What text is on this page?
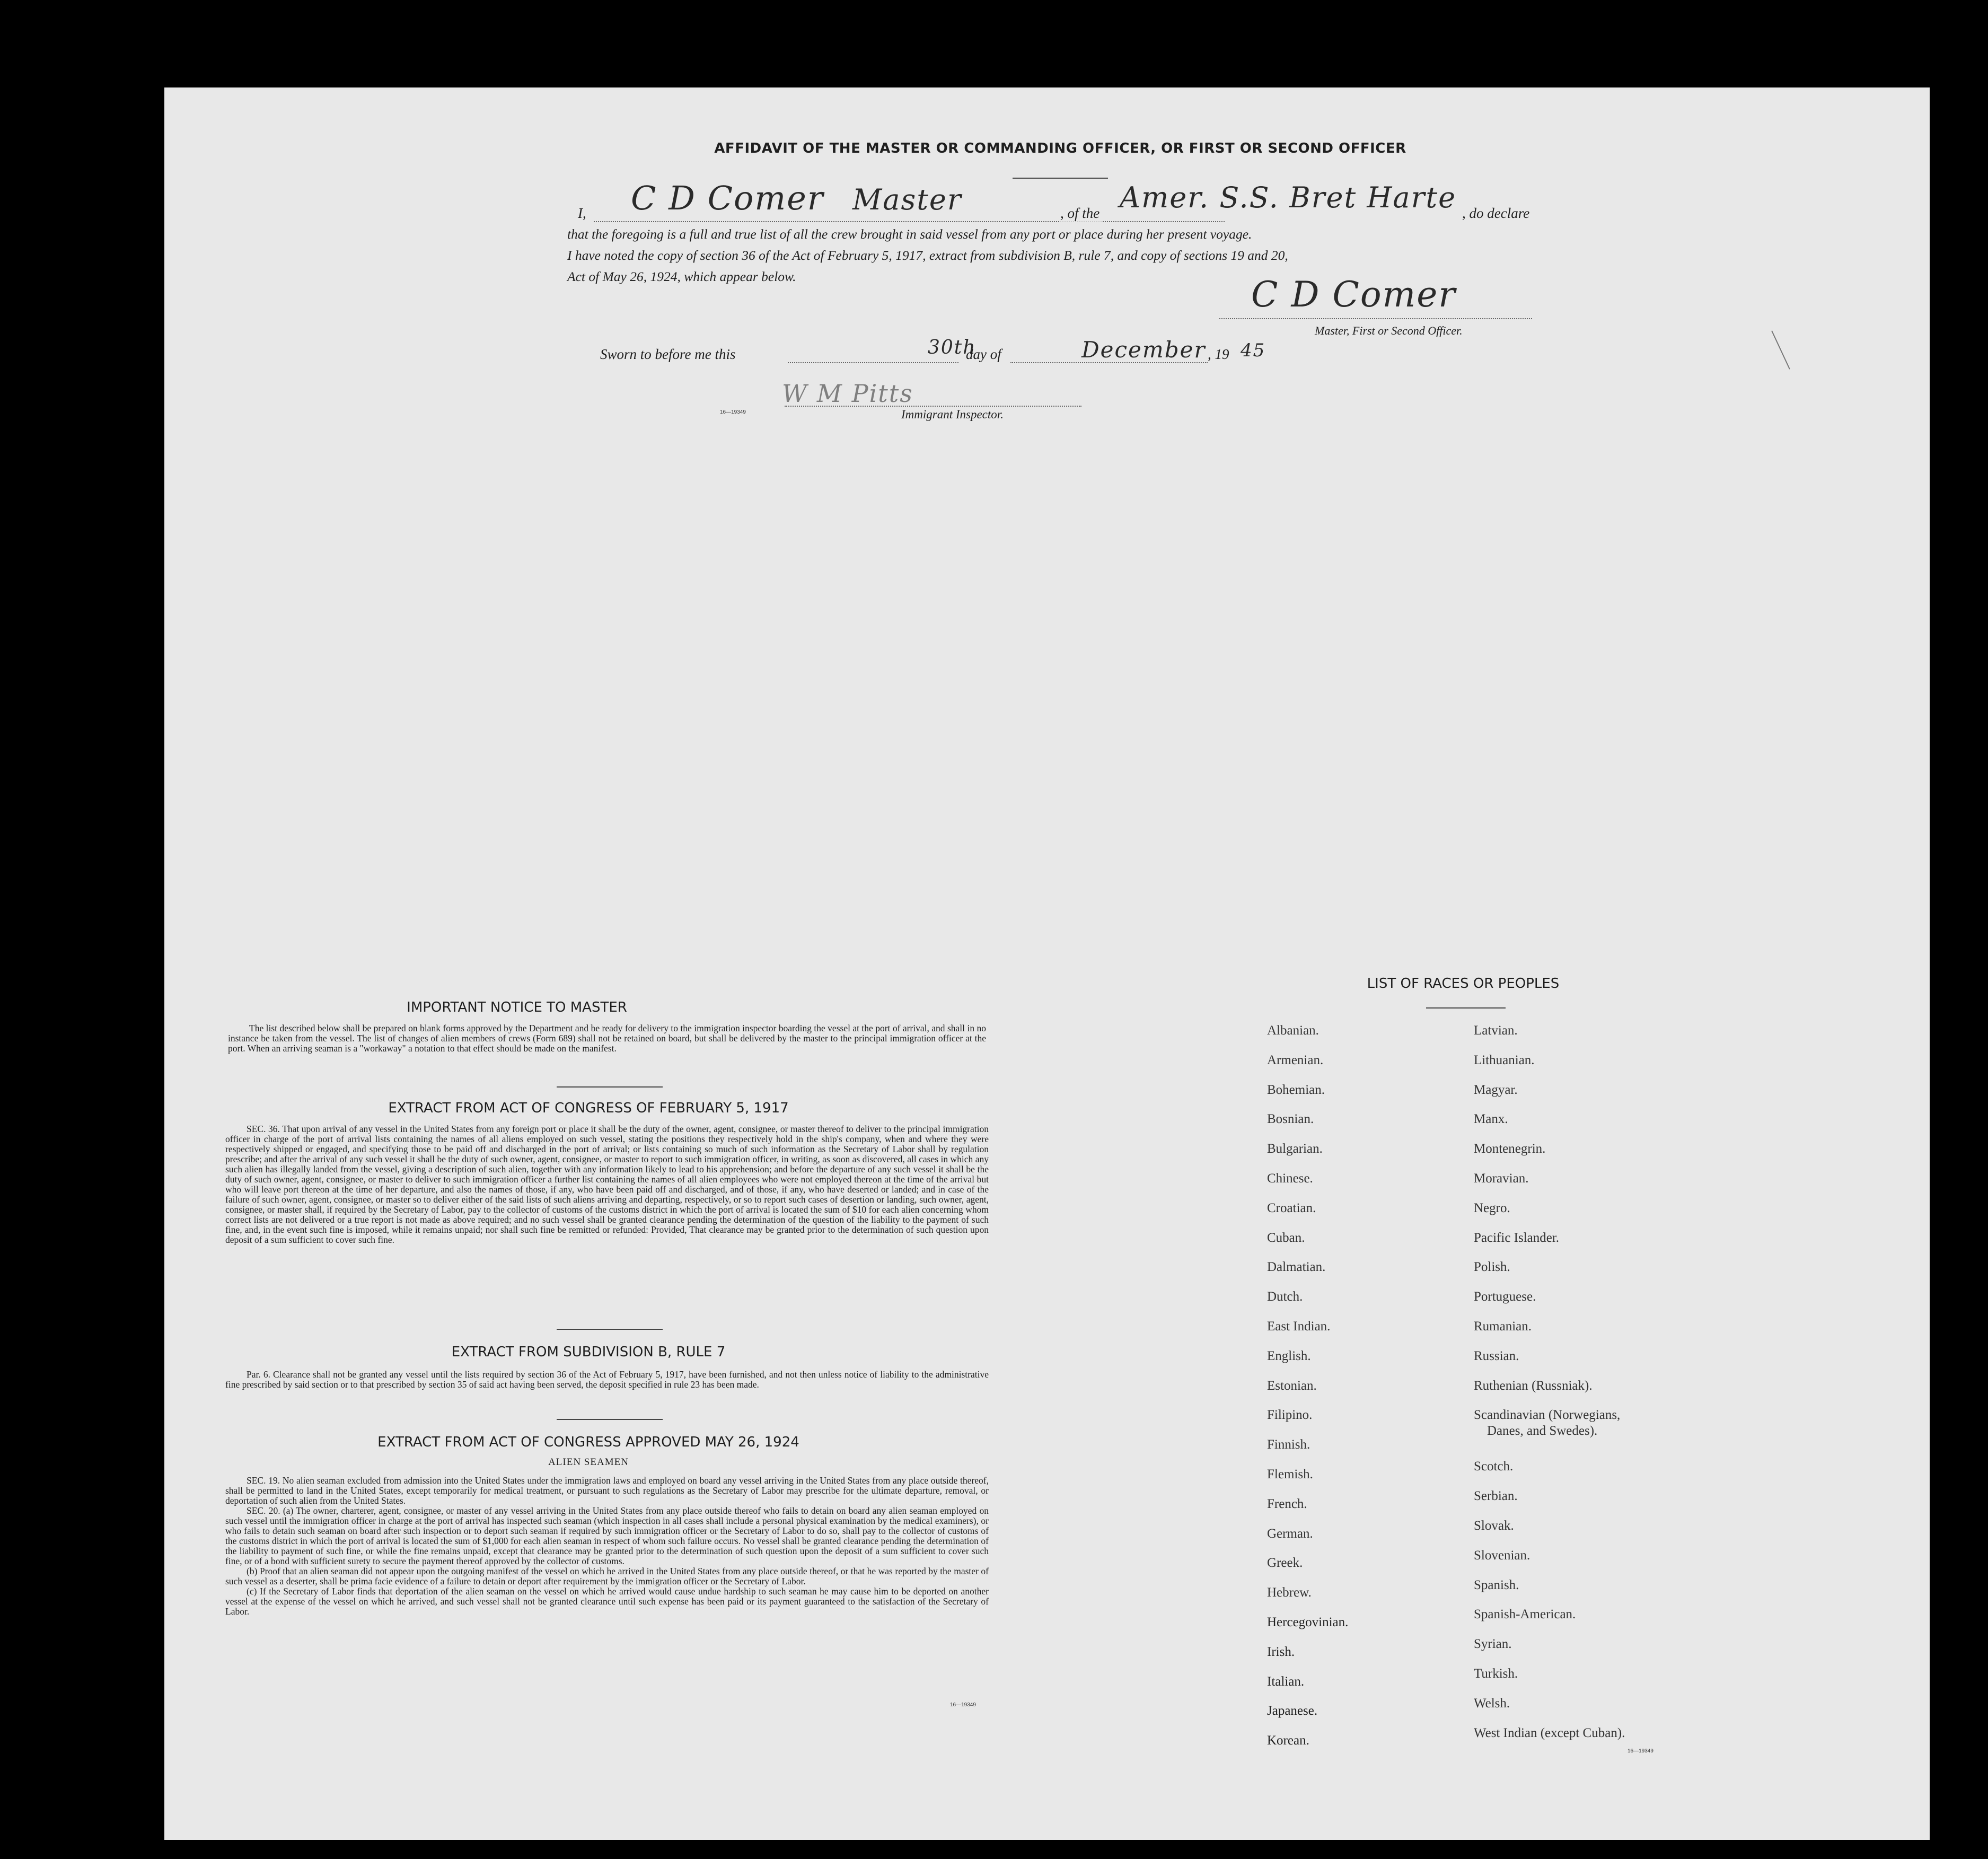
AFFIDAVIT OF THE MASTER OR COMMANDING OFFICER, OR FIRST OR SECOND OFFICER
I, C D Comer Master	, of the Amer. S.S. Bret Harte , do declare
that the foregoing is a full and true list of all the crew brought in said vessel from any port or place during her present voyage.
I have noted the copy of section 36 of the Act of February 5, 1917, extract from subdivision B, rule 7, and copy of sections 19 and 20,
Act of May 26, 1924, which appear below.	C D Comer
Master, First or Second Officer.
Sworn to before me this	30th
day of	December , 19 45
W M Pitts
16—19349	Immigrant Inspector.
IMPORTANT NOTICE TO MASTER

The list described below shall be prepared on blank forms approved by the Department and be ready for delivery to the immigration inspector boarding the vessel at the port of arrival, and shall in no instance be taken from the vessel. The list of changes of alien members of crews (Form 689) shall not be retained on board, but shall be delivered by the master to the principal immigration officer at the port. When an arriving seaman is a "workaway" a notation to that effect should be made on the manifest.

EXTRACT FROM ACT OF CONGRESS OF FEBRUARY 5, 1917

SEC. 36. That upon arrival of any vessel in the United States from any foreign port or place it shall be the duty of the owner, agent, consignee, or master thereof to deliver to the principal immigration officer in charge of the port of arrival lists containing the names of all aliens employed on such vessel, stating the positions they respectively hold in the ship's company, when and where they were respectively shipped or engaged, and specifying those to be paid off and discharged in the port of arrival; or lists containing so much of such information as the Secretary of Labor shall by regulation prescribe; and after the arrival of any such vessel it shall be the duty of such owner, agent, consignee, or master to report to such immigration officer, in writing, as soon as discovered, all cases in which any such alien has illegally landed from the vessel, giving a description of such alien, together with any information likely to lead to his apprehension; and before the departure of any such vessel it shall be the duty of such owner, agent, consignee, or master to deliver to such immigration officer a further list containing the names of all alien employees who were not employed thereon at the time of the arrival but who will leave port thereon at the time of her departure, and also the names of those, if any, who have been paid off and discharged, and of those, if any, who have deserted or landed; and in case of the failure of such owner, agent, consignee, or master so to deliver either of the said lists of such aliens arriving and departing, respectively, or so to report such cases of desertion or landing, such owner, agent, consignee, or master shall, if required by the Secretary of Labor, pay to the collector of customs of the customs district in which the port of arrival is located the sum of $10 for each alien concerning whom correct lists are not delivered or a true report is not made as above required; and no such vessel shall be granted clearance pending the determination of the question of the liability to the payment of such fine, and, in the event such fine is imposed, while it remains unpaid; nor shall such fine be remitted or refunded: Provided, That clearance may be granted prior to the determination of such question upon deposit of a sum sufficient to cover such fine.

EXTRACT FROM SUBDIVISION B, RULE 7

Par. 6. Clearance shall not be granted any vessel until the lists required by section 36 of the Act of February 5, 1917, have been furnished, and not then unless notice of liability to the administrative fine prescribed by said section or to that prescribed by section 35 of said act having been served, the deposit specified in rule 23 has been made.

EXTRACT FROM ACT OF CONGRESS APPROVED MAY 26, 1924
ALIEN SEAMEN

SEC. 19. No alien seaman excluded from admission into the United States under the immigration laws and employed on board any vessel arriving in the United States from any place outside thereof, shall be permitted to land in the United States, except temporarily for medical treatment, or pursuant to such regulations as the Secretary of Labor may prescribe for the ultimate departure, removal, or deportation of such alien from the United States.

SEC. 20. (a) The owner, charterer, agent, consignee, or master of any vessel arriving in the United States from any place outside thereof who fails to detain on board any alien seaman employed on such vessel until the immigration officer in charge at the port of arrival has inspected such seaman (which inspection in all cases shall include a personal physical examination by the medical examiners), or who fails to detain such seaman on board after such inspection or to deport such seaman if required by such immigration officer or the Secretary of Labor to do so, shall pay to the collector of customs of the customs district in which the port of arrival is located the sum of $1,000 for each alien seaman in respect of whom such failure occurs. No vessel shall be granted clearance pending the determination of the liability to payment of such fine, or while the fine remains unpaid, except that clearance may be granted prior to the determination of such question upon the deposit of a sum sufficient to cover such fine, or of a bond with sufficient surety to secure the payment thereof approved by the collector of customs.

(b) Proof that an alien seaman did not appear upon the outgoing manifest of the vessel on which he arrived in the United States from any place outside thereof, or that he was reported by the master of such vessel as a deserter, shall be prima facie evidence of a failure to detain or deport after requirement by the immigration officer or the Secretary of Labor.

(c) If the Secretary of Labor finds that deportation of the alien seaman on the vessel on which he arrived would cause undue hardship to such seaman he may cause him to be deported on another vessel at the expense of the vessel on which he arrived, and such vessel shall not be granted clearance until such expense has been paid or its payment guaranteed to the satisfaction of the Secretary of Labor.

16—19349
LIST OF RACES OR PEOPLES
16—19349
Albanian.
Armenian.
Bohemian.
Bosnian.
Bulgarian.
Chinese.
Croatian.
Cuban.
Dalmatian.
Dutch.
East Indian.
English.
Estonian.
Filipino.
Finnish.
Flemish.
French.
German.
Greek.
Hebrew.
Hercegovinian.
Irish.
Italian.
Japanese.
Korean.
Latvian.
Lithuanian.
Magyar.
Manx.
Montenegrin.
Moravian.
Negro.
Pacific Islander.
Polish.
Portuguese.
Rumanian.
Russian.
Ruthenian (Russniak).
Scandinavian (Norwegians,
Danes, and Swedes).
Scotch.
Serbian.
Slovak.
Slovenian.
Spanish.
Spanish-American.
Syrian.
Turkish.
Welsh.
West Indian (except Cuban).
